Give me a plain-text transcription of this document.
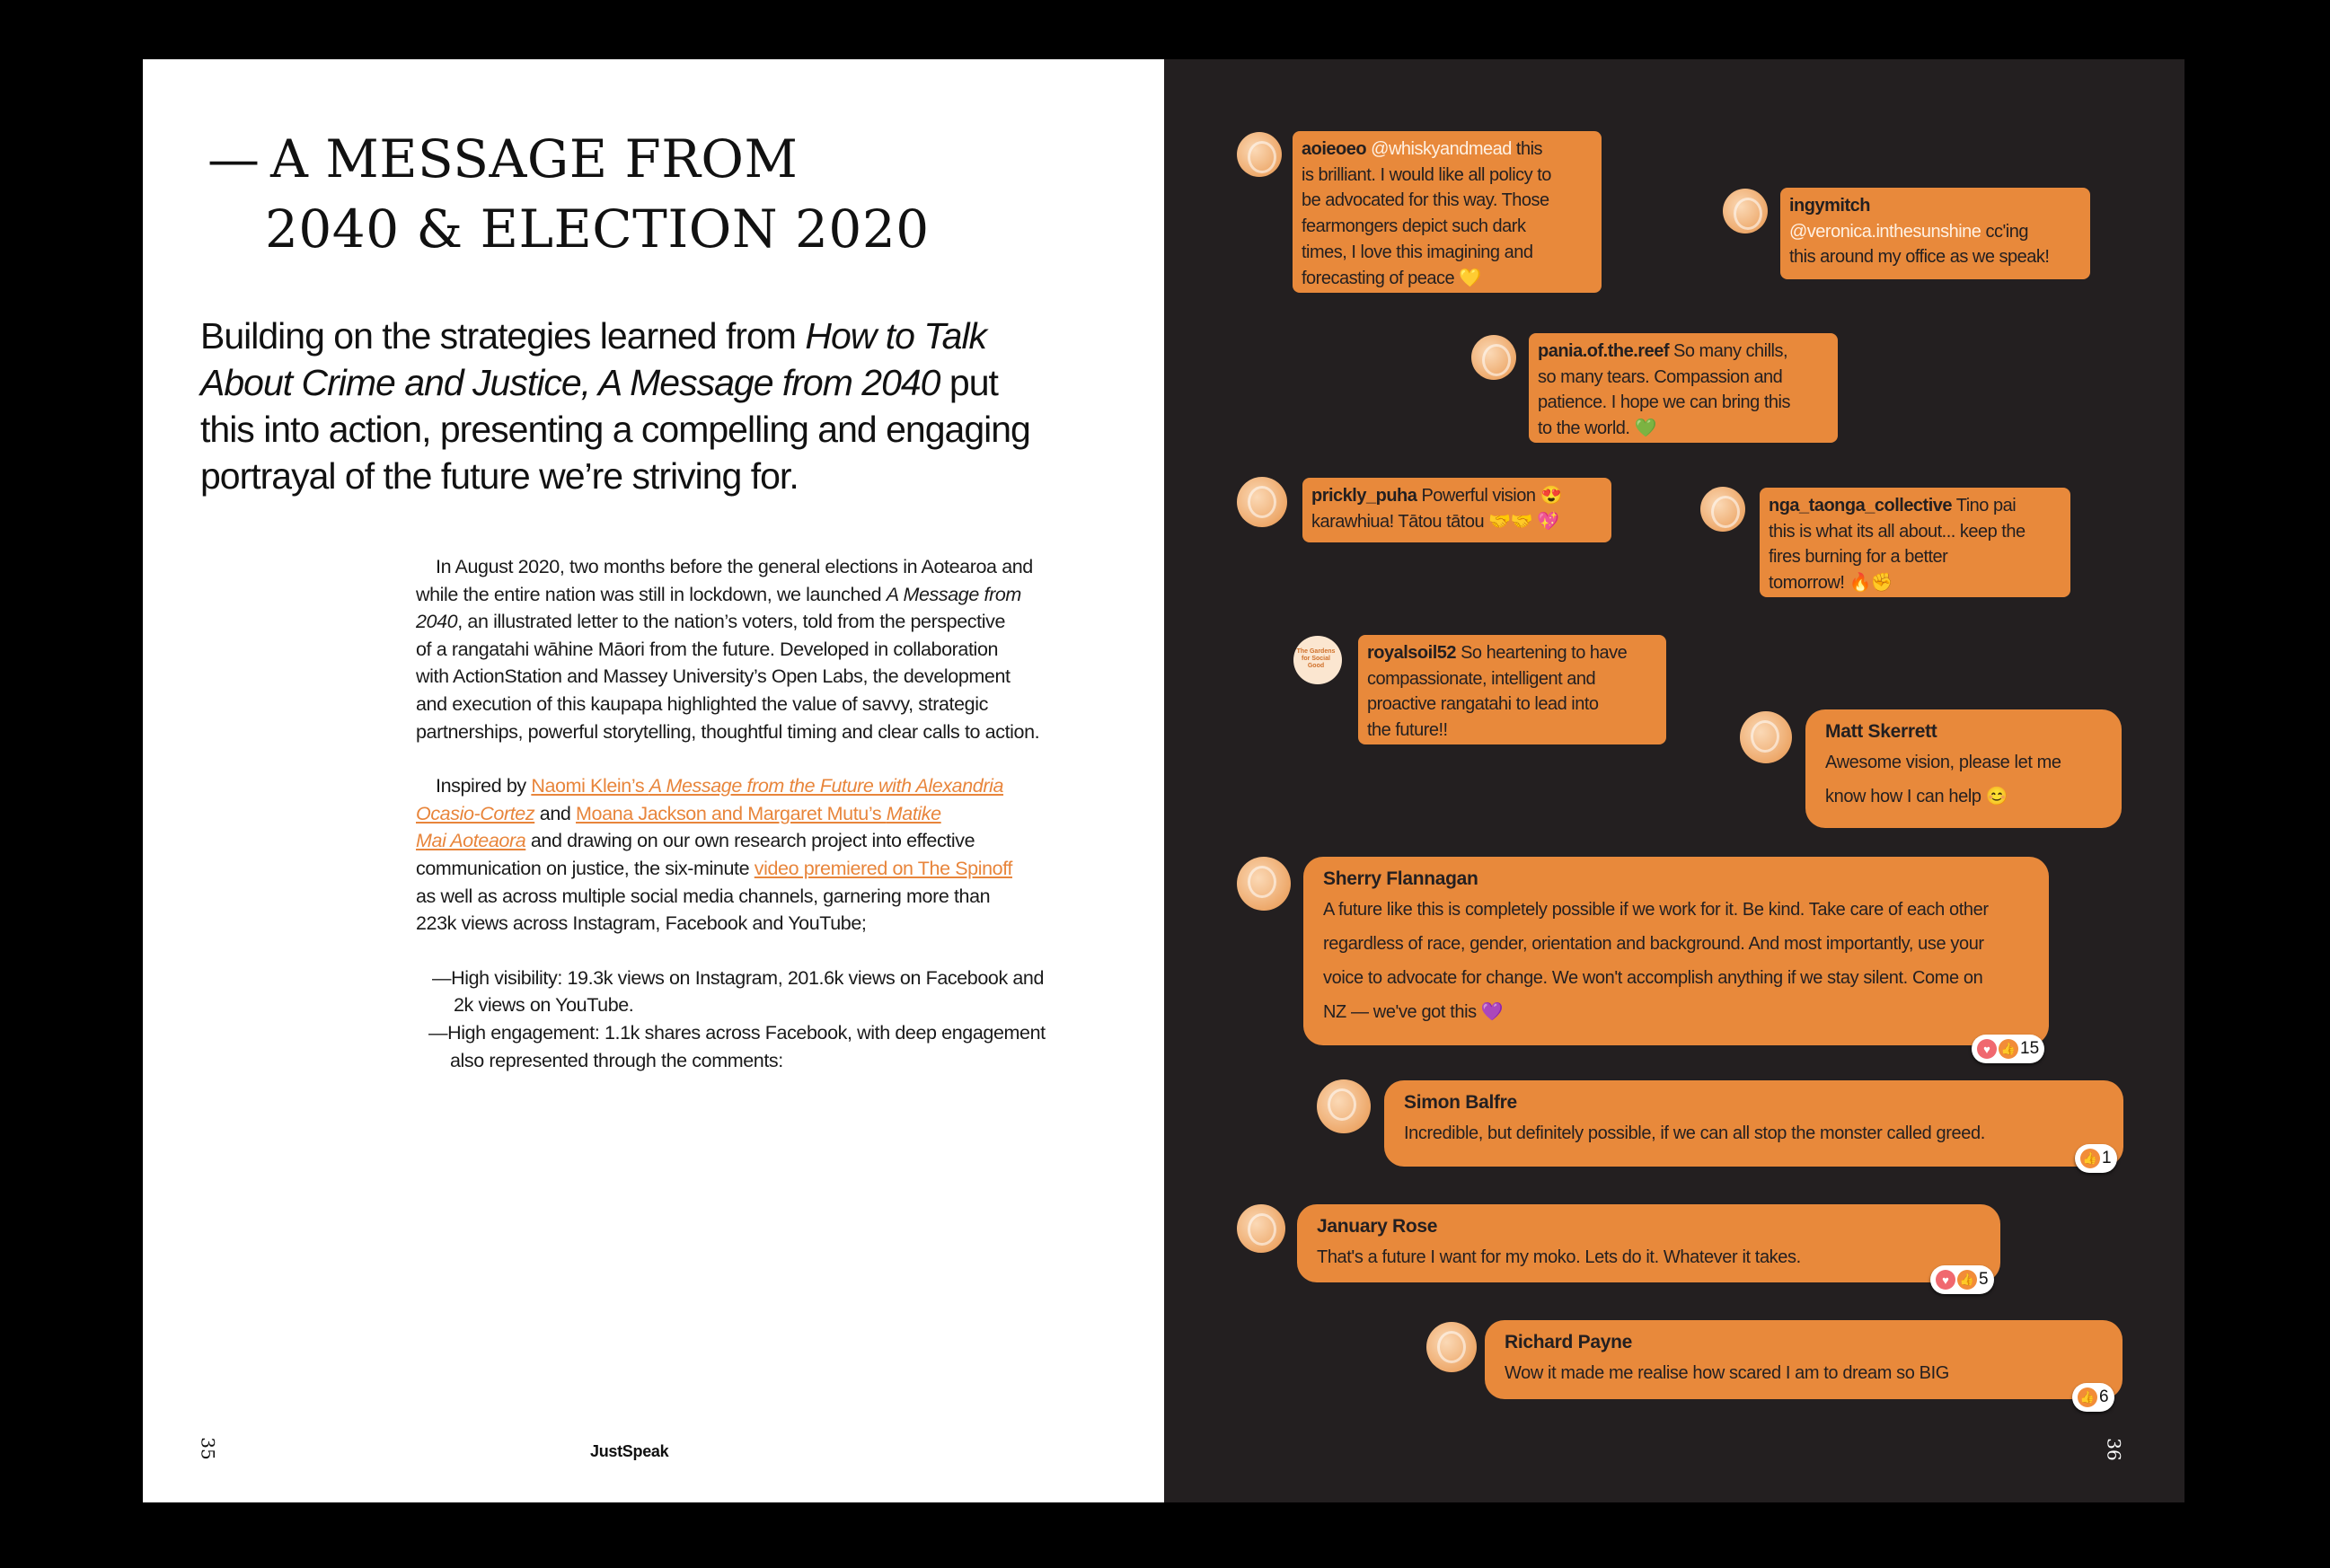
— A MESSAGE FROM
2040 & ELECTION 2020

Building on the strategies learned from How to Talk

About Crime and Justice, A Message from 2040 put

this into action, presenting a compelling and engaging

portrayal of the future we’re striving for.

In August 2020, two months before the general elections in Aotearoa and
while the entire nation was still in lockdown, we launched A Message from
2040, an illustrated letter to the nation’s voters, told from the perspective
of a rangatahi wāhine Māori from the future. Developed in collaboration
with ActionStation and Massey University’s Open Labs, the development
and execution of this kaupapa highlighted the value of savvy, strategic
partnerships, powerful storytelling, thoughtful timing and clear calls to action.
Inspired by Naomi Klein’s A Message from the Future with Alexandria
Ocasio-Cortez and Moana Jackson and Margaret Mutu’s Matike
Mai Aoteaora and drawing on our own research project into effective
communication on justice, the six-minute video premiered on The Spinoff
as well as across multiple social media channels, garnering more than
223k views across Instagram, Facebook and YouTube;
—High visibility: 19.3k views on Instagram, 201.6k views on Facebook and
2k views on YouTube.
—High engagement: 1.1k shares across Facebook, with deep engagement
also represented through the comments:
35	JustSpeak
aoieoeo @whiskyandmead this
is brilliant. I would like all policy to
be advocated for this way. Those
fearmongers depict such dark
times, I love this imagining and
forecasting of peace 💛
ingymitch
@veronica.inthesunshine cc'ing
this around my office as we speak!
pania.of.the.reef So many chills,
so many tears. Compassion and
patience. I hope we can bring this
to the world. 💚
prickly_puha Powerful vision 😍
karawhiua! Tātou tātou 🤝🤝 💖
nga_taonga_collective Tino pai
this is what its all about... keep the
fires burning for a better
tomorrow! 🔥✊
The Gardens for Social Good
royalsoil52 So heartening to have
compassionate, intelligent and
proactive rangatahi to lead into
the future!!	Matt Skerrett
Awesome vision, please let me
know how I can help 😊
Sherry Flannagan
A future like this is completely possible if we work for it. Be kind. Take care of each other
regardless of race, gender, orientation and background. And most importantly, use your
voice to advocate for change. We won't accomplish anything if we stay silent. Come on
NZ — we've got this 💜
♥ 👍 15
Simon Balfre
Incredible, but definitely possible, if we can all stop the monster called greed.
👍 1
January Rose
That's a future I want for my moko. Lets do it. Whatever it takes.
♥ 👍 5
Richard Payne
Wow it made me realise how scared I am to dream so BIG
👍 6
36
